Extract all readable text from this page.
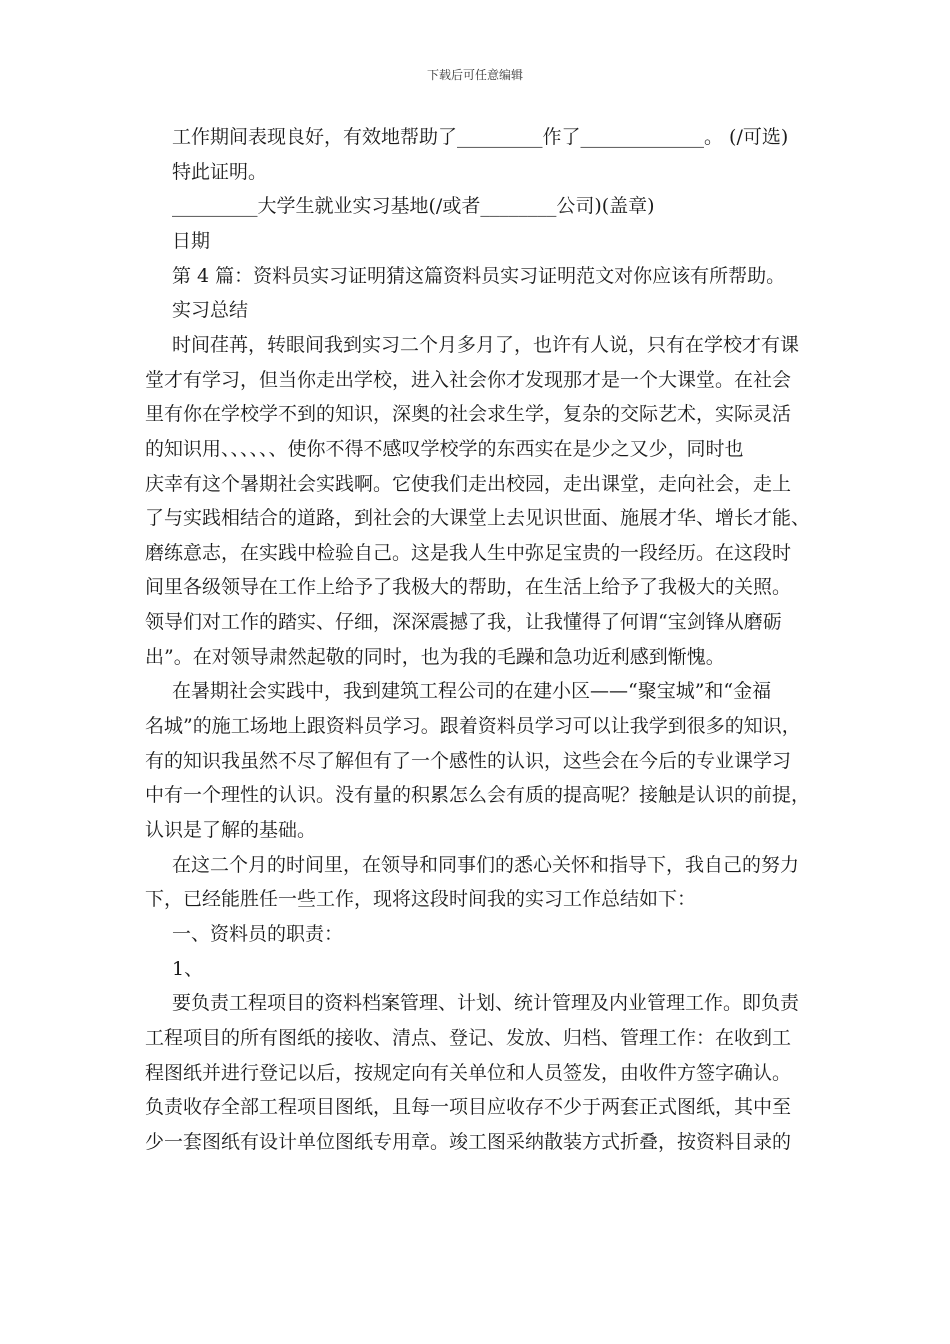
下载后可任意编辑
工作期间表现良好，有效地帮助了_________作了_____________。 (/可选)
特此证明。
_________大学生就业实习基地(/或者________公司)(盖章)
日期
第 4 篇：资料员实习证明猜这篇资料员实习证明范文对你应该有所帮助。
实习总结
时间荏苒，转眼间我到实习二个月多月了，也许有人说，只有在学校才有课
堂才有学习，但当你走出学校，进入社会你才发现那才是一个大课堂。在社会
里有你在学校学不到的知识，深奥的社会求生学，复杂的交际艺术，实际灵活
的知识用、、、、、、使你不得不感叹学校学的东西实在是少之又少，同时也
庆幸有这个暑期社会实践啊。它使我们走出校园，走出课堂，走向社会，走上
了与实践相结合的道路，到社会的大课堂上去见识世面、施展才华、增长才能、
磨练意志，在实践中检验自己。这是我人生中弥足宝贵的一段经历。在这段时
间里各级领导在工作上给予了我极大的帮助，在生活上给予了我极大的关照。
领导们对工作的踏实、仔细，深深震撼了我，让我懂得了何谓“宝剑锋从磨砺
出”。在对领导肃然起敬的同时，也为我的毛躁和急功近利感到惭愧。
在暑期社会实践中，我到建筑工程公司的在建小区——“聚宝城”和“金福
名城”的施工场地上跟资料员学习。跟着资料员学习可以让我学到很多的知识，
有的知识我虽然不尽了解但有了一个感性的认识，这些会在今后的专业课学习
中有一个理性的认识。没有量的积累怎么会有质的提高呢？接触是认识的前提，
认识是了解的基础。
在这二个月的时间里，在领导和同事们的悉心关怀和指导下，我自己的努力
下，已经能胜任一些工作，现将这段时间我的实习工作总结如下：
一、资料员的职责：
1、
要负责工程项目的资料档案管理、计划、统计管理及内业管理工作。即负责
工程项目的所有图纸的接收、清点、登记、发放、归档、管理工作：在收到工
程图纸并进行登记以后，按规定向有关单位和人员签发，由收件方签字确认。
负责收存全部工程项目图纸，且每一项目应收存不少于两套正式图纸，其中至
少一套图纸有设计单位图纸专用章。竣工图采纳散装方式折叠，按资料目录的
